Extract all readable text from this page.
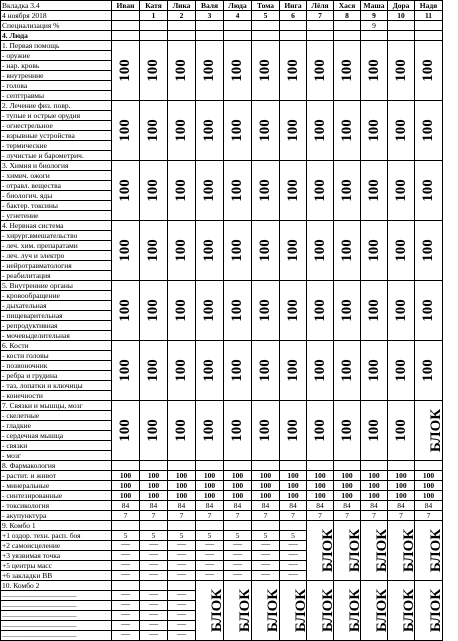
Вкладка 3.4	Иван	Катя	Лика	Валя	Люда	Тома	Инга	Лёля	Хася	Маша	Дора	Надя
4 ноября 2018		1	2	3	4	5	6	7	8	9	10	11
Специализация %										9		
4. Люда												
1. Первая помощь	100	100	100	100	100	100	100	100	100	100	100	100
- оружие												
- нар. кровь												
- внутренние												
- голова												
- септтравмы												
2. Лечение физ. повр.	100	100	100	100	100	100	100	100	100	100	100	100
- тупые и острые орудия												
- огнестрельное												
- взрывные устройства												
- термические												
- лучистые и барометрич.												
3. Химия и биология	100	100	100	100	100	100	100	100	100	100	100	100
- химич. ожоги												
- отравл. вещества												
- биологич. яды												
- бактер. токсины												
- угнетение												
4. Нервная система	100	100	100	100	100	100	100	100	100	100	100	100
- хирург.вмешательство												
- леч. хим. препаратами												
- леч. луч и электро												
- нейротравматология												
- реабилитация												
5. Внутренние органы	100	100	100	100	100	100	100	100	100	100	100	100
- кровообращение												
- дыхательная												
- пищеварительная												
- репродуктивная												
- мочевыделительная												
6. Кости	100	100	100	100	100	100	100	100	100	100	100	100
- кости головы												
- позвоночник												
- ребра и грудина												
- таз, лопатки и ключицы												
- конечности												
7. Связки и мышцы, мозг	100	100	100	100	100	100	100	100	100	100	100	БЛОК
- скелетные												
- гладкие												
- сердечная мышца												
- связки												
- мозг												
8. Фармакология												
- растит. и живот	100	100	100	100	100	100	100	100	100	100	100	100
- минеральные	100	100	100	100	100	100	100	100	100	100	100	100
- синтезированные	100	100	100	100	100	100	100	100	100	100	100	100
- токсикология	84	84	84	84	84	84	84	84	84	84	84	84
- акупунктура	7	7	7	7	7	7	7	7	7	7	7	7
9. Комбо 1								БЛОК	БЛОК	БЛОК	БЛОК	БЛОК
+1 оздор. техн. расп. боя	5	5	5	5	5	5	5					
+2 самоисцеление	-----	-----	-----	-----	-----	-----	-----					
+3 уязвимая точка	-----	-----	-----	-----	-----	-----	-----					
+5 центры масс	-----	-----	-----	-----	-----	-----	-----					
+6 закладки ВВ	-----	-----	-----	-----	-----	-----	-----					
10. Комбо 2				БЛОК	БЛОК	БЛОК	БЛОК	БЛОК	БЛОК	БЛОК	БЛОК	БЛОК
___________________________	-----	-----	-----									
___________________________	-----	-----	-----									
___________________________	-----	-----	-----									
___________________________	-----	-----	-----									
___________________________	-----	-----	-----									
